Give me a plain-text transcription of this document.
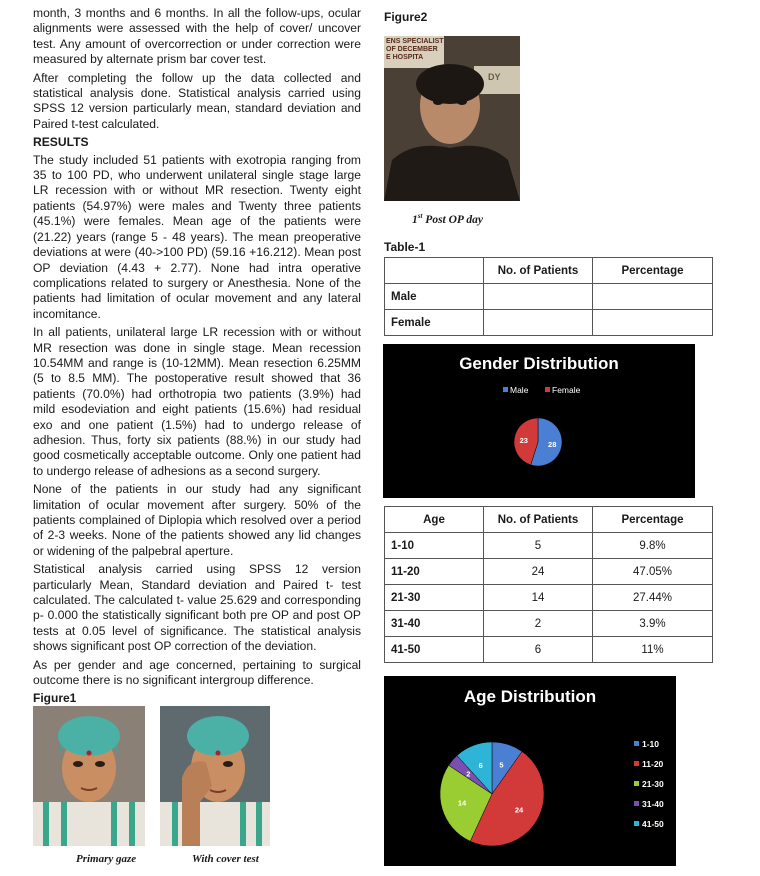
month, 3 months and 6 months. In all the follow-ups, ocular alignments were assessed with the help of cover/ uncover test. Any amount of overcorrection or under correction were measured by alternate prism bar cover test.

After completing the follow up the data collected and statistical analysis done. Statistical analysis carried using SPSS 12 version particularly mean, standard deviation and Paired t-test calculated.

RESULTS

The study included 51 patients with exotropia ranging from 35 to 100 PD, who underwent unilateral single stage large LR recession with or without MR resection. Twenty eight patients (54.97%) were males and Twenty three patients (45.1%) were females. Mean age of the patients were (21.22) years (range 5 - 48 years). The mean preoperative deviations at were (40->100 PD) (59.16 +16.212). Mean post OP deviation (4.43 + 2.77). None had intra operative complications related to surgery or Anesthesia. None of the patients had limitation of ocular movement and any lateral incomitance.

In all patients, unilateral large LR recession with or without MR resection was done in single stage. Mean recession 10.54MM and range is (10-12MM). Mean resection 6.25MM (5 to 8.5 MM). The postoperative result showed that 36 patients (70.0%) had orthotropia two patients (3.9%) had mild esodeviation and eight patients (15.6%) had residual exo and one patient (1.5%) had to undergo release of adhesion. Thus, forty six patients (88.%) in our study had good cosmetically acceptable outcome. Only one patient had to undergo release of adhesions as a second surgery.

None of the patients in our study had any significant limitation of ocular movement after surgery. 50% of the patients complained of Diplopia which resolved over a period of 2-3 weeks. None of the patients showed any lid changes or widening of the palpebral aperture.

Statistical analysis carried using SPSS 12 version particularly Mean, Standard deviation and Paired t- test calculated. The calculated t- value 25.629 and corresponding p- 0.000 the statistically significant both pre OP and post OP tests at 0.05 level of significance. The statistical analysis shows significant post OP correction of the deviation.

As per gender and age concerned, pertaining to surgical outcome there is no significant intergroup difference.

Figure1
Primary gaze	With cover test
Figure2
ENS SPECIALIST
OF DECEMBER
E HOSPITA
DY
1st Post OP day
Table-1
	No. of Patients	Percentage
Male		
Female		
Gender Distribution
Male	Female
28
23
Age	No. of Patients	Percentage
1-10	5	9.8%
11-20	24	47.05%
21-30	14	27.44%
31-40	2	3.9%
41-50	6	11%
Age Distribution
5
24
14
2
6
1-10
11-20
21-30
31-40
41-50
